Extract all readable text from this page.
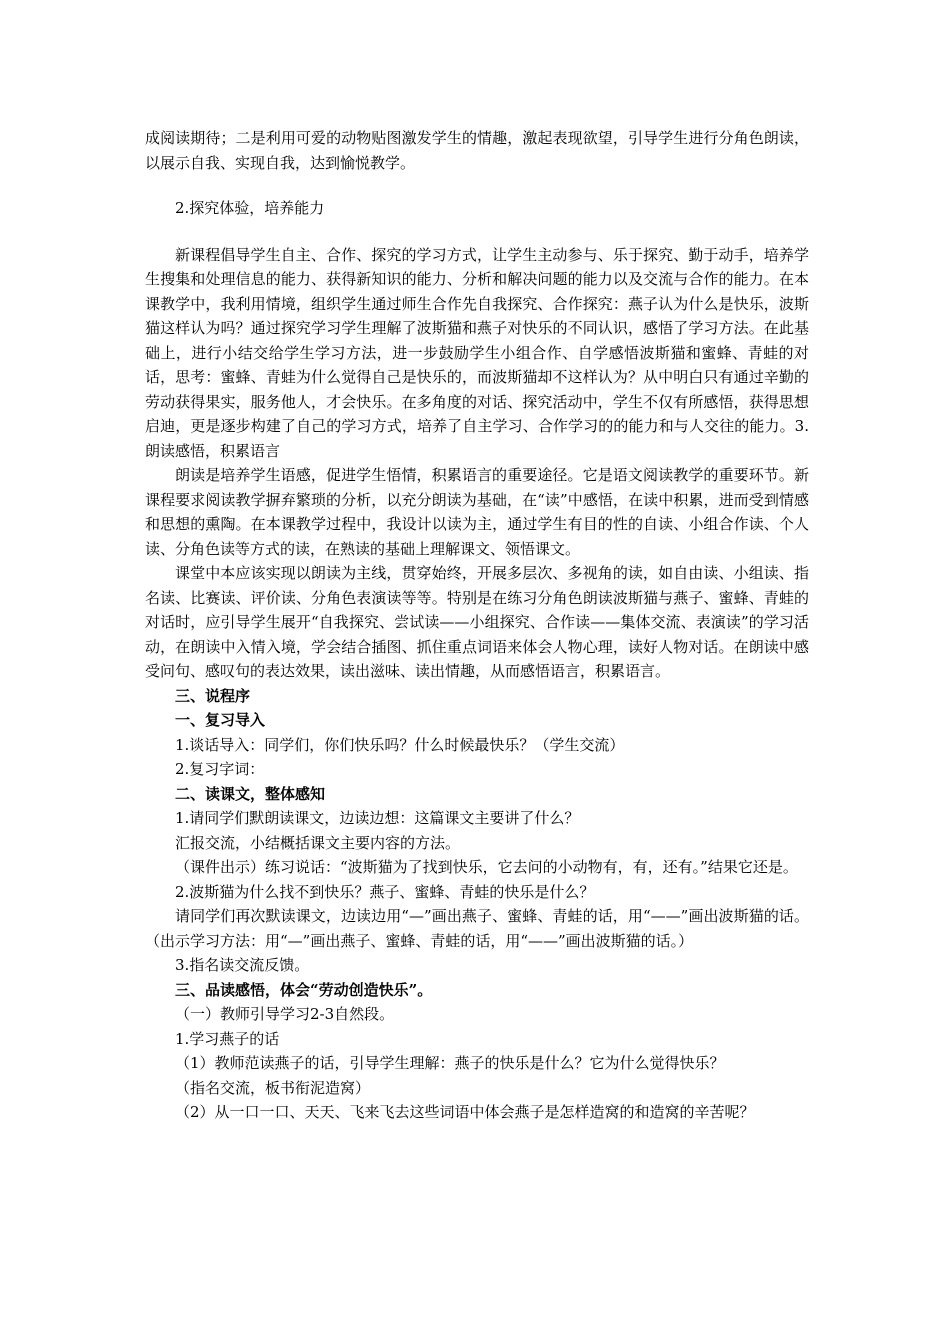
成阅读期待；二是利用可爱的动物贴图激发学生的情趣，激起表现欲望，引导学生进行分角色朗读，以展示自我、实现自我，达到愉悦教学。

2.探究体验，培养能力

新课程倡导学生自主、合作、探究的学习方式，让学生主动参与、乐于探究、勤于动手，培养学生搜集和处理信息的能力、获得新知识的能力、分析和解决问题的能力以及交流与合作的能力。在本课教学中，我利用情境，组织学生通过师生合作先自我探究、合作探究：燕子认为什么是快乐，波斯猫这样认为吗？通过探究学习学生理解了波斯猫和燕子对快乐的不同认识，感悟了学习方法。在此基础上，进行小结交给学生学习方法，进一步鼓励学生小组合作、自学感悟波斯猫和蜜蜂、青蛙的对话，思考：蜜蜂、青蛙为什么觉得自己是快乐的，而波斯猫却不这样认为？从中明白只有通过辛勤的劳动获得果实，服务他人，才会快乐。在多角度的对话、探究活动中，学生不仅有所感悟，获得思想启迪，更是逐步构建了自己的学习方式，培养了自主学习、合作学习的的能力和与人交往的能力。3.朗读感悟，积累语言

朗读是培养学生语感，促进学生悟情，积累语言的重要途径。它是语文阅读教学的重要环节。新课程要求阅读教学摒弃繁琐的分析，以充分朗读为基础，在“读”中感悟，在读中积累，进而受到情感和思想的熏陶。在本课教学过程中，我设计以读为主，通过学生有目的性的自读、小组合作读、个人读、分角色读等方式的读，在熟读的基础上理解课文、领悟课文。

课堂中本应该实现以朗读为主线，贯穿始终，开展多层次、多视角的读，如自由读、小组读、指名读、比赛读、评价读、分角色表演读等等。特别是在练习分角色朗读波斯猫与燕子、蜜蜂、青蛙的对话时，应引导学生展开“自我探究、尝试读——小组探究、合作读——集体交流、表演读”的学习活动，在朗读中入情入境，学会结合插图、抓住重点词语来体会人物心理，读好人物对话。在朗读中感受问句、感叹句的表达效果，读出滋味、读出情趣，从而感悟语言，积累语言。

三、说程序

一、复习导入

1.谈话导入：同学们，你们快乐吗？什么时候最快乐？（学生交流）

2.复习字词：

二、读课文，整体感知

1.请同学们默朗读课文，边读边想：这篇课文主要讲了什么？

汇报交流，小结概括课文主要内容的方法。

（课件出示）练习说话：“波斯猫为了找到快乐，它去问的小动物有，有，还有。”结果它还是。

2.波斯猫为什么找不到快乐？燕子、蜜蜂、青蛙的快乐是什么？

请同学们再次默读课文，边读边用“—”画出燕子、蜜蜂、青蛙的话，用“——”画出波斯猫的话。（出示学习方法：用“—”画出燕子、蜜蜂、青蛙的话，用“——”画出波斯猫的话。）

3.指名读交流反馈。

三、品读感悟，体会“劳动创造快乐”。

（一）教师引导学习2-3自然段。

1.学习燕子的话

（1）教师范读燕子的话，引导学生理解：燕子的快乐是什么？它为什么觉得快乐？

（指名交流，板书衔泥造窝）

（2）从一口一口、天天、飞来飞去这些词语中体会燕子是怎样造窝的和造窝的辛苦呢？
